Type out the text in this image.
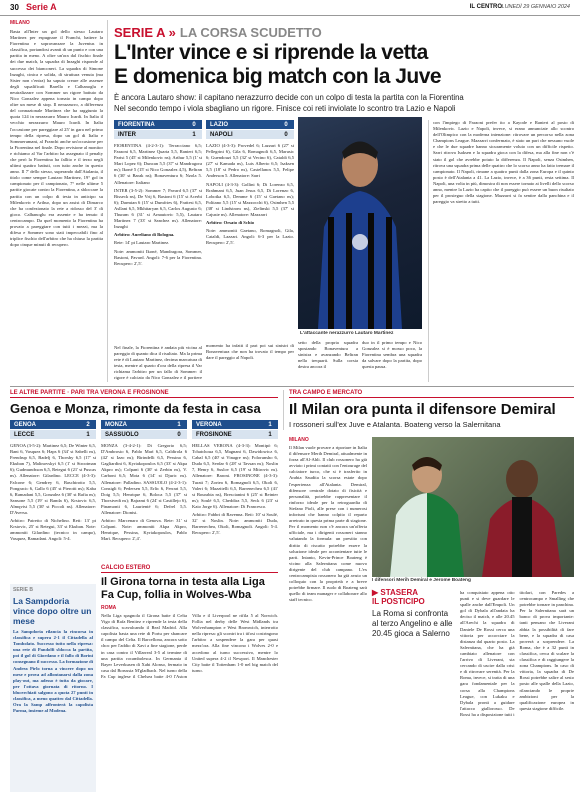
30 Serie A	IL CENTRO LUNEDÌ 29 GENNAIO 2024
MILANO
Basta all'Inter un gol dello stesso Lautaro Martinez per espugnare il Franchi, battere la Fiorentina e sopravanzare la Juventus in classifica, portandosi avanti di un punto e con una partita in meno. A oltre un'ora dal fischio finale dei due match, la squadra di Inzaghi risponde al successo dei bianconeri. La squadra di Simone Inzaghi, cinica e solida, di struttura venuta (ma Sister non c'entra) ha saputo creare alle assenze degli squalificati Barella e Calhanoglu e neutralizzare con Sommer un rigore battuto da Nico Gonzalez appena tornato in campo dopo oltre un mese di stop. Il nerazzurro, a differenza del connazionale Martinez che ha raggiunto la quota 124 in nerazzurro Mauro Icardi. In Italia il vecchio nerazzurro Mauro Icardi. In Italia l'occasione per pareggiare al 25' in gara nel primo tempo della ripresa, dopo un gol di Italia e Sommerumani, al Franchi anche un'occasione per la Fiorentina nel finale. Dopo revisione al monitor e richiamo al Var l'arbitro ha assegnato il penalty che però la Fiorentina ha fallito e il terzo negli ultimi quattro battuti, con tutto anche in questo anno. Il 7' dello stesso, superando dall'Atalanta, il titolo come sempre Lautaro Martinez, 19° gol in campionato per il campionato, 7° nelle ultime 5 partite giocate contro la Fiorentina, a sbloccare la partita con un colpo di testa in anticipo su Milenkovic e Arthur, dopo un assist di Dimarco che ha confezionato la rete a ridosso del 3' di gioco. Calhanoglu era assente e ha tenuto il centrocampo. Da quel momento la Fiorentina ha provato a pareggiare con tutti i mezzi, ma la difesa e Sommer sono stati impeccabili fino al triplice fischio dell'arbitro che ha chiuso la partita dopo cinque minuti di recupero.
SERIE A » LA CORSA SCUDETTO
L'Inter vince e si riprende la vetta
E domenica big match con la Juve
È ancora Lautaro show: il capitano nerazzurro decide con un colpo di testa la partita con la Fiorentina
Nel secondo tempo i viola sbagliano un rigore. Finisce coi reti inviolate lo scontro tra Lazio e Napoli
FIORENTINA	0
INTER	1
LAZIO	0
NAPOLI	0

FIORENTINA (4-2-3-1): Terracciano 6,5; Faraoni 6,5, Martinez Quarta 5,5, Ranieri 6,5; Parisi 5 (45' st Milenkovic ns); Arthur 5,5 (1' st Mari Lopez 6); Duncan 5,5 (37' st Mandragora ns); Ikoné 5 (15' st Nico Gonzalez 4,5), Beltran 6 (30' st Barak ns); Bonaventura 6; Nzola 5. Allenatore: Italiano

INTER (3-5-2): Sommer 7; Pavard 6,5 (37' st Bisseck ns), De Vrij 6, Bastoni 6 (15' st Acerbi 6); Darmian 6 (15' st Dumfries 6), Frattesi 6,5, Asllani 6,5, Mkhitaryan 6,5, Carlos Augusto 6; Thuram 6 (31' st Arnautovic 5,5), Lautaro Martinez 7 (33' st Sanchez ns). Allenatore: Inzaghi

Arbitro: Aureliano di Bologna.

Rete: 14' pt Lautaro Martinez.

Note: ammoniti Ikoné, Mandragora, Sommer, Bastoni, Pavard. Angoli: 7-6 per la Fiorentina. Recupero: 2',5'.

LAZIO (4-3-3): Provedel 6; Lazzari 6 (27' st Pellegrini 6), Gila 6, Romagnoli 6,5, Marusic 6; Guendouzi 5,5 (32' st Vecino 6), Cataldi 6,5 (27' st Kamada ns), Luis Alberto 6,5; Isaksen 5,5 (18' st Pedro ns), Castellanos 5,5, Felipe Anderson 5. Allenatore: Sarri

NAPOLI (4-3-3): Gollini 6; Di Lorenzo 6,5, Rrahmani 6,5, Juan Jesus 6,5, Di Lorenzo 6, Lobotka 6,5, Demme 6 (15' st Gaetano ns); Politano 5,5 (15' st Mazzocchi 6), Osimhen 5,5 (38' st Lindstrom ns), Zielinski 5,5 (37' st Cajuste ns). Allenatore: Mazzarri

Arbitro: Orsato di Schio

Note: ammoniti Gaetano, Romagnoli, Gila, Cataldi, Lazzari. Angoli: 6-3 per la Lazio. Recupero: 2',5'.

Nel finale, la Fiorentina è andata più vicina al pareggio di quanto dica il risultato. Ma la prima rete è di Lautaro Martinez, decima marcatura di testa, mentre al quarto d'ora della ripresa il Var richiama l'arbitro per un fallo di Sommer: il rigore è calciato da Nico Gonzalez e il portiere
L'attaccante nerazzurro Lautaro Martinez
momento ha infatti il pari poi sui sinistri di Bonaventura che non ha trovato il tempo per dare il pareggio al Napoli.
setto della propria squadra spostando Bonaventura a sinistra e avanzando Beltran nella trequarti. Sulla corsia destra ancora il
duo in il primo tempo e Nico Gonzalez si è mosso poco, la Fiorentina sembra una squadra da salvare dopo la partita, dopo questa pausa.
con l'impiego di Faraoni prefer ito a Kayode e Ranieri al posto di Milenkovic. Lazio e Napoli, invece, si erano annunciate allo scontro dell'Olimpico con la moderna intenzione: ritrovare un percorso nella zona Champions League. Mazzarri confermato, è stato un pari che nessuno vuole e che le due squadre hanno sicuramente voluto con un difficile rispetto. Sarri ritrova Isaksen e la squadra gioca con la difesa, ma alla fine non c'è stato il gol che avrebbe potuto la differenza. Il Napoli, senza Osimhen, ritrova una squadra prima delle quattro che lo scorso anno ha fatto tremare il campionato. Il Napoli, rimane a quattro punti dalla zona Europa e il quinto posto è dell'Atalanta a 41. La Lazio, invece, è a 36 punti, resta settima. Il Napoli, una volta in più, dimostra di non essere tornato ai livelli dello scorso anno, mentre la Lazio ha capito che il pareggio può essere un buon risultato per il prosieguo della stagione. Mazzarri si fa sentire dalla panchina e il pareggio va stretto a tutti.
LE ALTRE PARTITE · PARI TRA VERONA E FROSINONE
Genoa e Monza, rimonte da festa in casa
GENOA	2
LECCE	1
MONZA	1
SASSUOLO	0
VERONA	1
FROSINONE	1

GENOA (3-5-2): Martinez 6,5; De Winter 6,5, Bani 6, Vasquez 6; Haps 6 (34' st Sabelli ns), Frendrup 6,5, Badelj 6, Thorsby 6,5 (17' st Ekuban 7), Malinovskyi 6,5 (1' st Strootman 6); Gudmundsson 6,5, Retegui 6 (21' st Puscas ns). Allenatore: Gilardino. LECCE (4-3-3): Falcone 6; Gendrey 6, Baschirotto 5,5, Pongracic 6, Gallo 6 (45' st Pierotti ns); Kaba 6, Ramadani 5,5, Gonzalez 6 (30' st Rafia ns); Sansone 5,5 (19' st Banda 6), Krstovic 6,5, Almqvist 5,5 (30' st Piccoli ns). Allenatore: D'Aversa.

Arbitro: Pairetto di Nichelino. Reti: 13' pt Krstovic, 25' st Retegui, 33' st Ekuban. Note: ammoniti Gilardino (tecnico in campo), Vasquez, Ramadani. Angoli: 5-4.

MONZA (3-4-2-1): Di Gregorio 6,5; D'Ambrosio 6, Pablo Marì 6,5, Caldirola 6 (42' st Izzo ns); Birindelli 6,5, Pessina 6, Gagliardini 6, Kyriakopoulos 6,5 (33' st Akpa Akpro ns); Colpani 6 (30' st Zerbin ns), V. Carboni 6,5; Mota 6 (14' st Djuric ns). Allenatore: Palladino. SASSUOLO (4-2-3-1): Consigli 6; Pedersen 5,5, Erlic 6, Ferrari 5,5, Doig 5,5; Henrique 6, Boloca 5,5 (37' st Thorstvedt ns); Bajrami 6 (24' st Castillejo 6), Pinamonti 6, Laurienté 6; Defrel 5,5. Allenatore: Dionisi.

Arbitro: Marcenaro di Genova. Rete: 31' st Colpani. Note: ammoniti Akpa Akpro, Henrique, Pessina, Kyriakopoulos, Pablo Marì. Recupero: 2',4'.

HELLAS VERONA (4-3-3): Montipò 6; Tchatchoua 6,5, Magnani 6, Dawidowicz 6, Cabal 6,5 (40' st Vinagre ns); Folorunsho 6, Duda 6,5, Serdar 6 (28' st Tavsan ns); Noslin 7, Henry 6, Suslov 6,5 (19' st Mitrovic ns). Allenatore: Baroni. FROSINONE (4-3-3): Turati 7; Zortea 6, Romagnoli 6,5, Okoli 6, Valeri 6; Mazzitelli 6,5, Barrenechea 6,5 (41' st Bourabia ns), Brescianini 6 (25' st Reinier ns); Soulé 6,5, Cheddira 5,5, Seck 6 (23' st Kaio Jorge 6). Allenatore: Di Francesco.

Arbitro: Fabbri di Ravenna. Reti: 10' st Soulé, 32' st Noslin. Note: ammoniti Duda, Barrenechea, Okoli, Romagnoli. Angoli: 5-4. Recupero: 2',5'.

SERIE B
La Sampdoria vince dopo oltre un mese
La Sampdoria rilancia la rincorsa in classifica e supera 2-1 il Cittadella al Tombolato. Successo tutto nella ripresa: una rete di Pandolfi sblocca la partita, poi il gol di Giordano e il fallo di Borini consegnano il successo. La formazione di Andrea Pirlo torna a vincere dopo un mese e prova ad allontanarsi dalla zona play-out, ma adesso è tutta da giocare, per l'ottava giornata di ritorno. I blucerchiati salgono a quota 27 punti in classifica, a meno quattro dal Cittadella. Ora la Samp affronterà la capolista Parma, insieme al Modena.
CALCIO ESTERO
Il Girona torna in testa alla Liga Fa Cup, follia in Wolves-Wba
ROMA
Nella Liga spagnola il Girona batte il Celta Vigo di Rafa Benitez e riprende la testa della classifica, scavalcando il Real Madrid. Alla capolista basta una rete di Portu per sbancare il campo del Celta. Il Barcellona, ancora sotto choc per l'addio di Xavi a fine stagione, perde in casa contro il Villarreal 3-5 al termine di una partita rocambolesca. In Germania il Bayer Leverkusen di Xabi Alonso, fermato in casa dal Borussia M'gladbach. Nel turno della Fa Cup inglese il Chelsea batte 4-0 l'Aston Villa e il Liverpool ne rifila 5 al Norwich. Follia nel derby delle West Midlands tra Wolverhampton e West Bromwich, interrotto nella ripresa: gli scontri tra i tifosi costringono l'arbitro a sospendere la gara per quasi mezz'ora. Alla fine vincono i Wolves 2-0 e accedono al turno successivo, mentre lo United supera 4-2 il Newport. Il Manchester City batte il Tottenham 1-0 nel big match del turno.
TRA CAMPO E MERCATO
Il Milan ora punta il difensore Demiral
I rossoneri sull'ex Juve e Atalanta. Boateng verso la Salernitana
MILANO
Il Milan vuole provare a riportare in Italia il difensore Merih Demiral, attualmente in forza all'Al-Ahli. Il club rossonero ha già avviato i primi contatti con l'entourage del calciatore turco, che si è trasferito in Arabia Saudita la scorsa estate dopo l'esperienza all'Atalanta. Demiral, difensore centrale dotato di fisicità e personalità, potrebbe rappresentare il rinforzo ideale per la retroguardia di Stefano Pioli, alle prese con i numerosi infortuni che hanno colpito il reparto arretrato in questa prima parte di stagione. Per il momento non c'è ancora un'offerta ufficiale, ma i dirigenti rossoneri stanno valutando la formula: un prestito con diritto di riscatto potrebbe essere la soluzione ideale per accontentare tutte le parti. Intanto, Kevin-Prince Boateng è vicino alla Salernitana come nuovo dirigente del club campano. L'ex centrocampista rossonero ha già avuto un colloquio con la proprietà e a breve potrebbe firmare. Il ruolo di Boateng sarà quello di team manager e collaborare allo staff tecnico.
I difensori Merih Demiral e Jerome Boateng
▶ STASERA
IL POSTICIPO
La Roma si confronta al terzo Angelino e alle 20.45 gioca a Salerno
ha conquistato appena otto punti e si deve guardare le spalle anche dall'Empoli. Un gol di Dybala all'andata ha deciso il match, e alle 20.45 all'Arechi la squadra di Daniele De Rossi cerca una vittoria per accorciare la distanza dal quarto posto. La Salernitana, che ha già cambiato allenatore con l'arrivo di Liverani, sta cercando di uscire dalla crisi e di ritrovare serenità. Per la Roma, invece, si tratta di una gara fondamentale per la corsa alla Champions League, con Lukaku e Dybala pronti a guidare l'attacco giallorosso. De Rossi ha a disposizione tutti i titolari, con Paredes a centrocampo e Smalling che potrebbe tornare in panchina. Per la Salernitana sarà un banco di prova importante: tanti pensano che Liverani abbia la possibilità di fare bene, e la squadra di casa proverà a sorprendere. La Roma, che è a 32 punti in classifica, cerca di scalare la classifica e di raggiungere la zona Champions. In caso di vittoria, la squadra di De Rossi potrebbe salire al sesto posto alle spalle della Lazio, rilanciando le proprie ambizioni per la qualificazione europea in questa stagione difficile.
